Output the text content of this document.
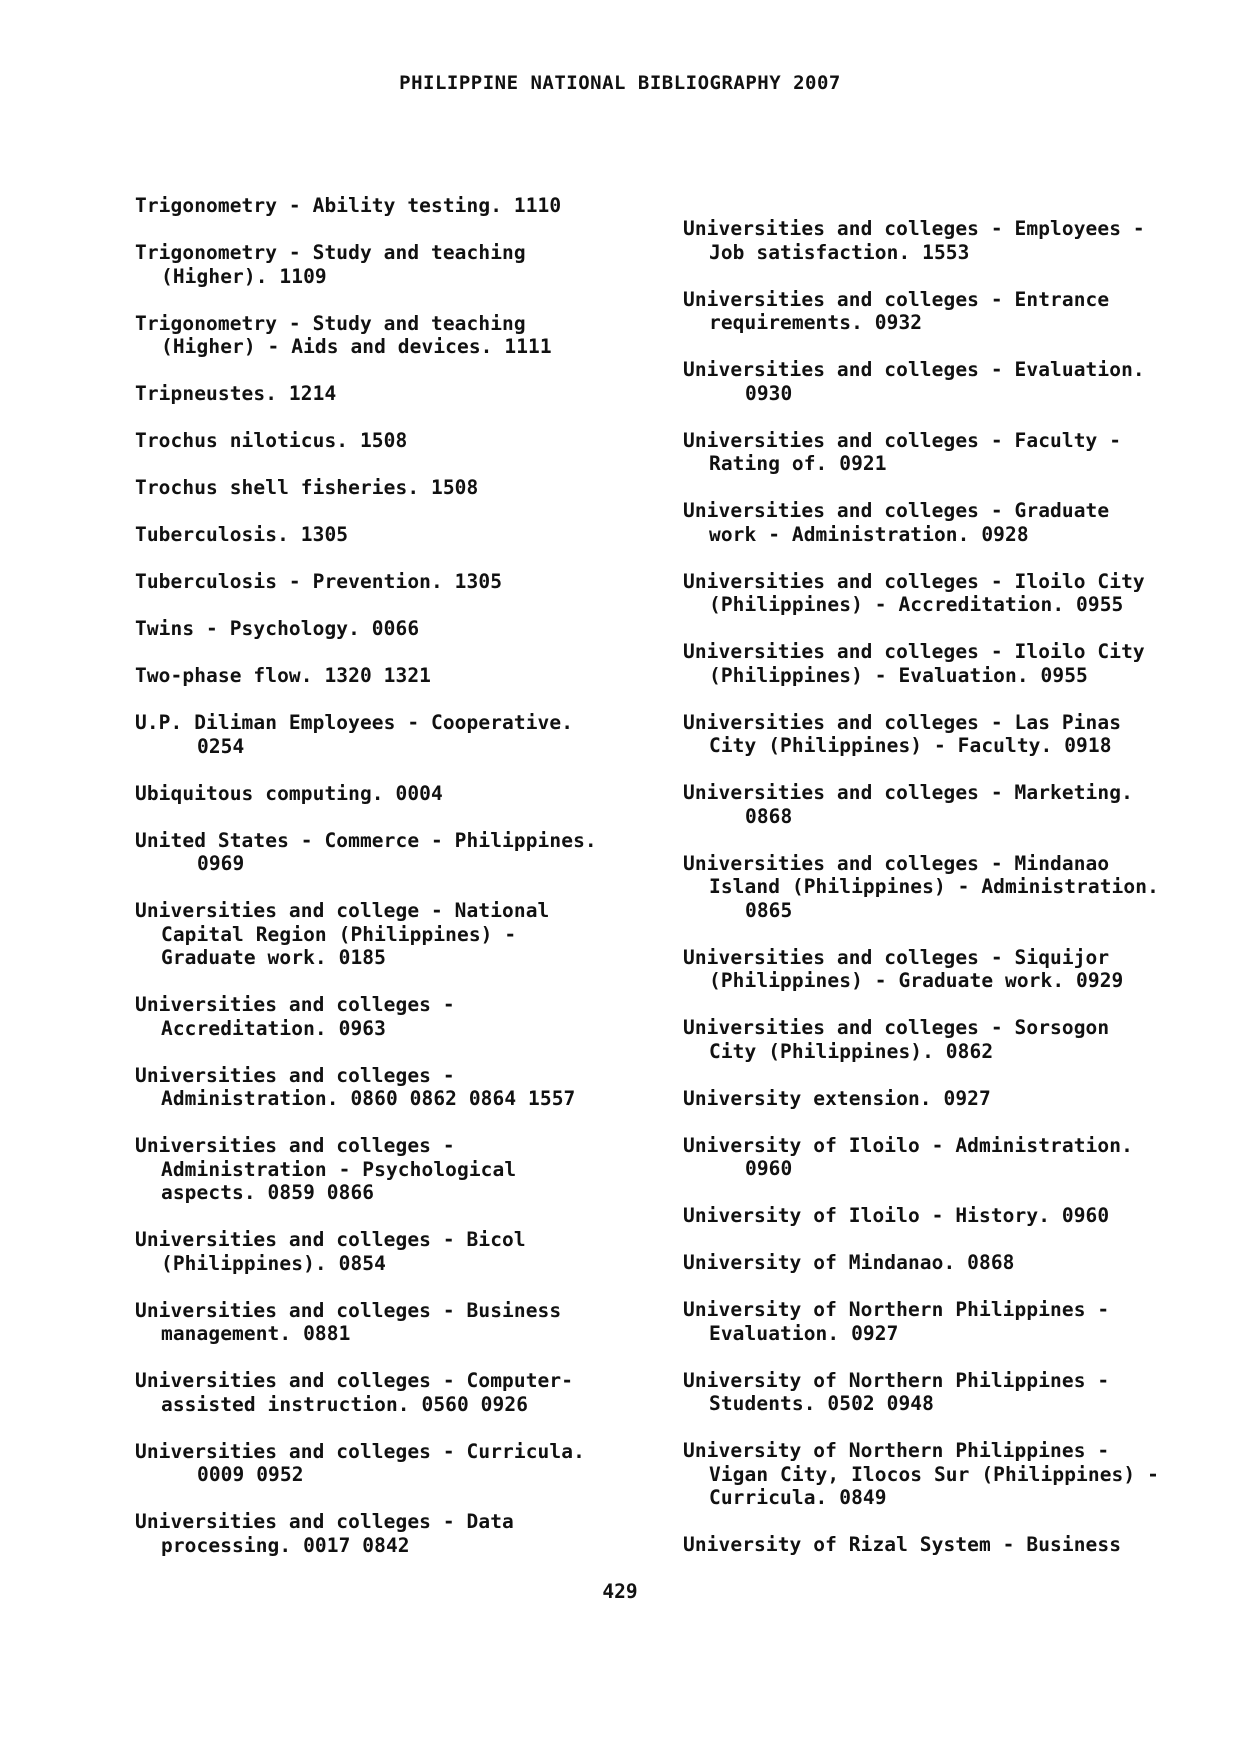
PHILIPPINE NATIONAL BIBLIOGRAPHY 2007
Trigonometry - Ability testing. 1110
Trigonometry - Study and teaching
(Higher). 1109
Trigonometry - Study and teaching
(Higher) - Aids and devices. 1111
Tripneustes. 1214
Trochus niloticus. 1508
Trochus shell fisheries. 1508
Tuberculosis. 1305
Tuberculosis - Prevention. 1305
Twins - Psychology. 0066
Two-phase flow. 1320 1321
U.P. Diliman Employees - Cooperative.
0254
Ubiquitous computing. 0004
United States - Commerce - Philippines.
0969
Universities and college - National
Capital Region (Philippines) -
Graduate work. 0185
Universities and colleges -
Accreditation. 0963
Universities and colleges -
Administration. 0860 0862 0864 1557
Universities and colleges -
Administration - Psychological
aspects. 0859 0866
Universities and colleges - Bicol
(Philippines). 0854
Universities and colleges - Business
management. 0881
Universities and colleges - Computer-
assisted instruction. 0560 0926
Universities and colleges - Curricula.
0009 0952
Universities and colleges - Data
processing. 0017 0842
Universities and colleges - Employees -
Job satisfaction. 1553
Universities and colleges - Entrance
requirements. 0932
Universities and colleges - Evaluation.
0930
Universities and colleges - Faculty -
Rating of. 0921
Universities and colleges - Graduate
work - Administration. 0928
Universities and colleges - Iloilo City
(Philippines) - Accreditation. 0955
Universities and colleges - Iloilo City
(Philippines) - Evaluation. 0955
Universities and colleges - Las Pinas
City (Philippines) - Faculty. 0918
Universities and colleges - Marketing.
0868
Universities and colleges - Mindanao
Island (Philippines) - Administration.
0865
Universities and colleges - Siquijor
(Philippines) - Graduate work. 0929
Universities and colleges - Sorsogon
City (Philippines). 0862
University extension. 0927
University of Iloilo - Administration.
0960
University of Iloilo - History. 0960
University of Mindanao. 0868
University of Northern Philippines -
Evaluation. 0927
University of Northern Philippines -
Students. 0502 0948
University of Northern Philippines -
Vigan City, Ilocos Sur (Philippines) -
Curricula. 0849
University of Rizal System - Business
429
